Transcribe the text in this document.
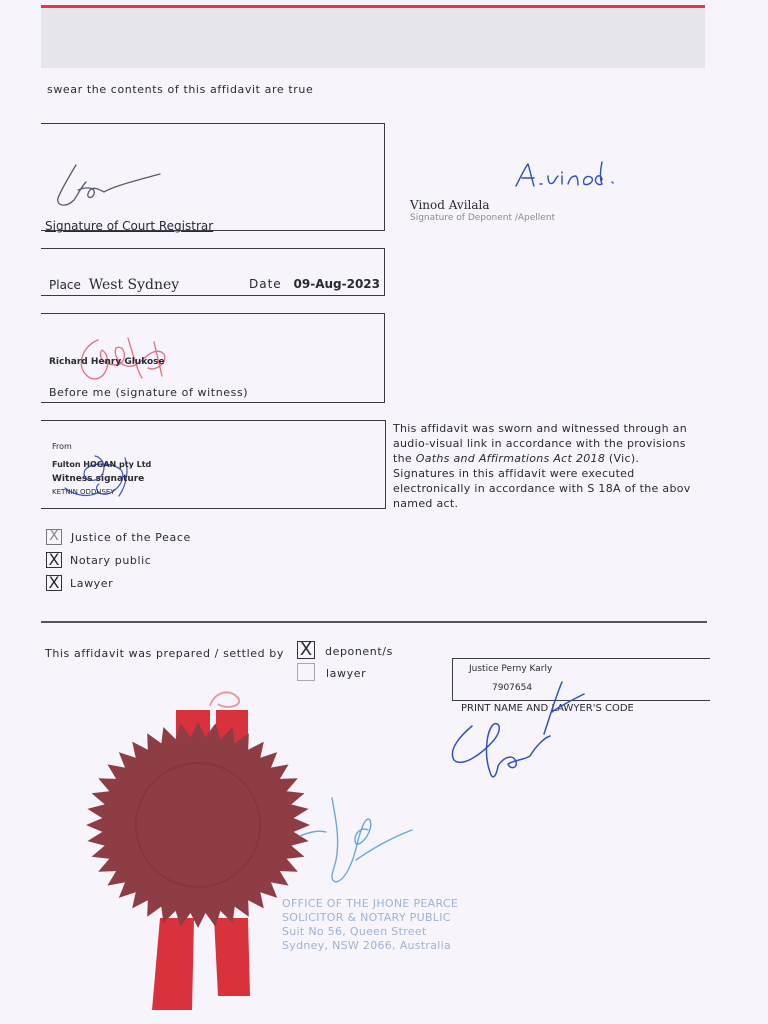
swear the contents of this affidavit are true
Signature of Court Registrar
Vinod Avilala
Signature of Deponent /Apellent
Place West Sydney	Date 09-Aug-2023
Richard Henry Glukose
Before me (signature of witness)
From
Fulton HOGAN pty Ltd
Witness signature
KETNIN ODDUSEY
This affidavit was sworn and witnessed through an
audio-visual link in accordance with the provisions
the Oaths and Affirmations Act 2018 (Vic).
Signatures in this affidavit were executed
electronically in accordance with S 18A of the abov
named act.
X Justice of the Peace
X Notary public
X Lawyer
This affidavit was prepared / settled by X deponent/s
lawyer	Justice Perny Karly
7907654
PRINT NAME AND LAWYER'S CODE
OFFICE OF THE JHONE PEARCE
SOLICITOR & NOTARY PUBLIC
Suit No 56, Queen Street
Sydney, NSW 2066, Australia
